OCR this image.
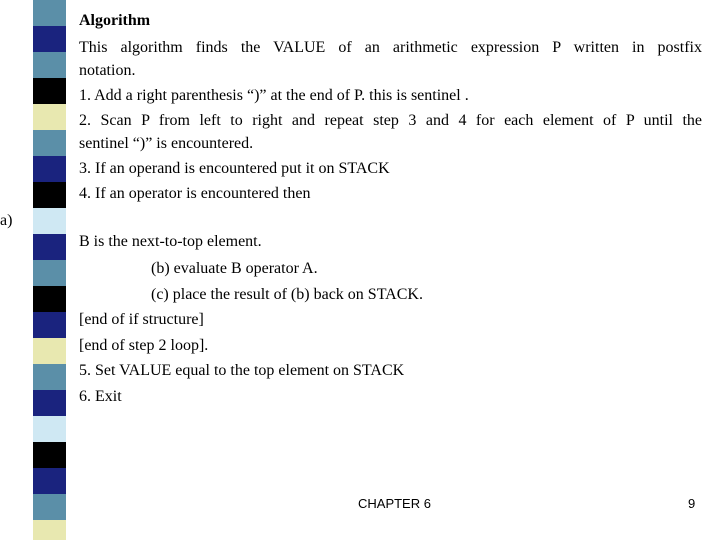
a)
Algorithm
This algorithm finds the VALUE of an arithmetic expression P written in postfix
notation.
1. Add a right parenthesis “)” at the end of P. this is sentinel .
2. Scan P from left to right and repeat step 3 and 4 for each element of P until the
sentinel “)” is encountered.
3. If an operand is encountered put it on STACK
4. If an operator is encountered then
B is the next-to-top element.
(b) evaluate B operator A.
(c) place the result of (b) back on STACK.
[end of if structure]
[end of step 2 loop].
5. Set VALUE equal to the top element on STACK
6. Exit
CHAPTER 6	9
